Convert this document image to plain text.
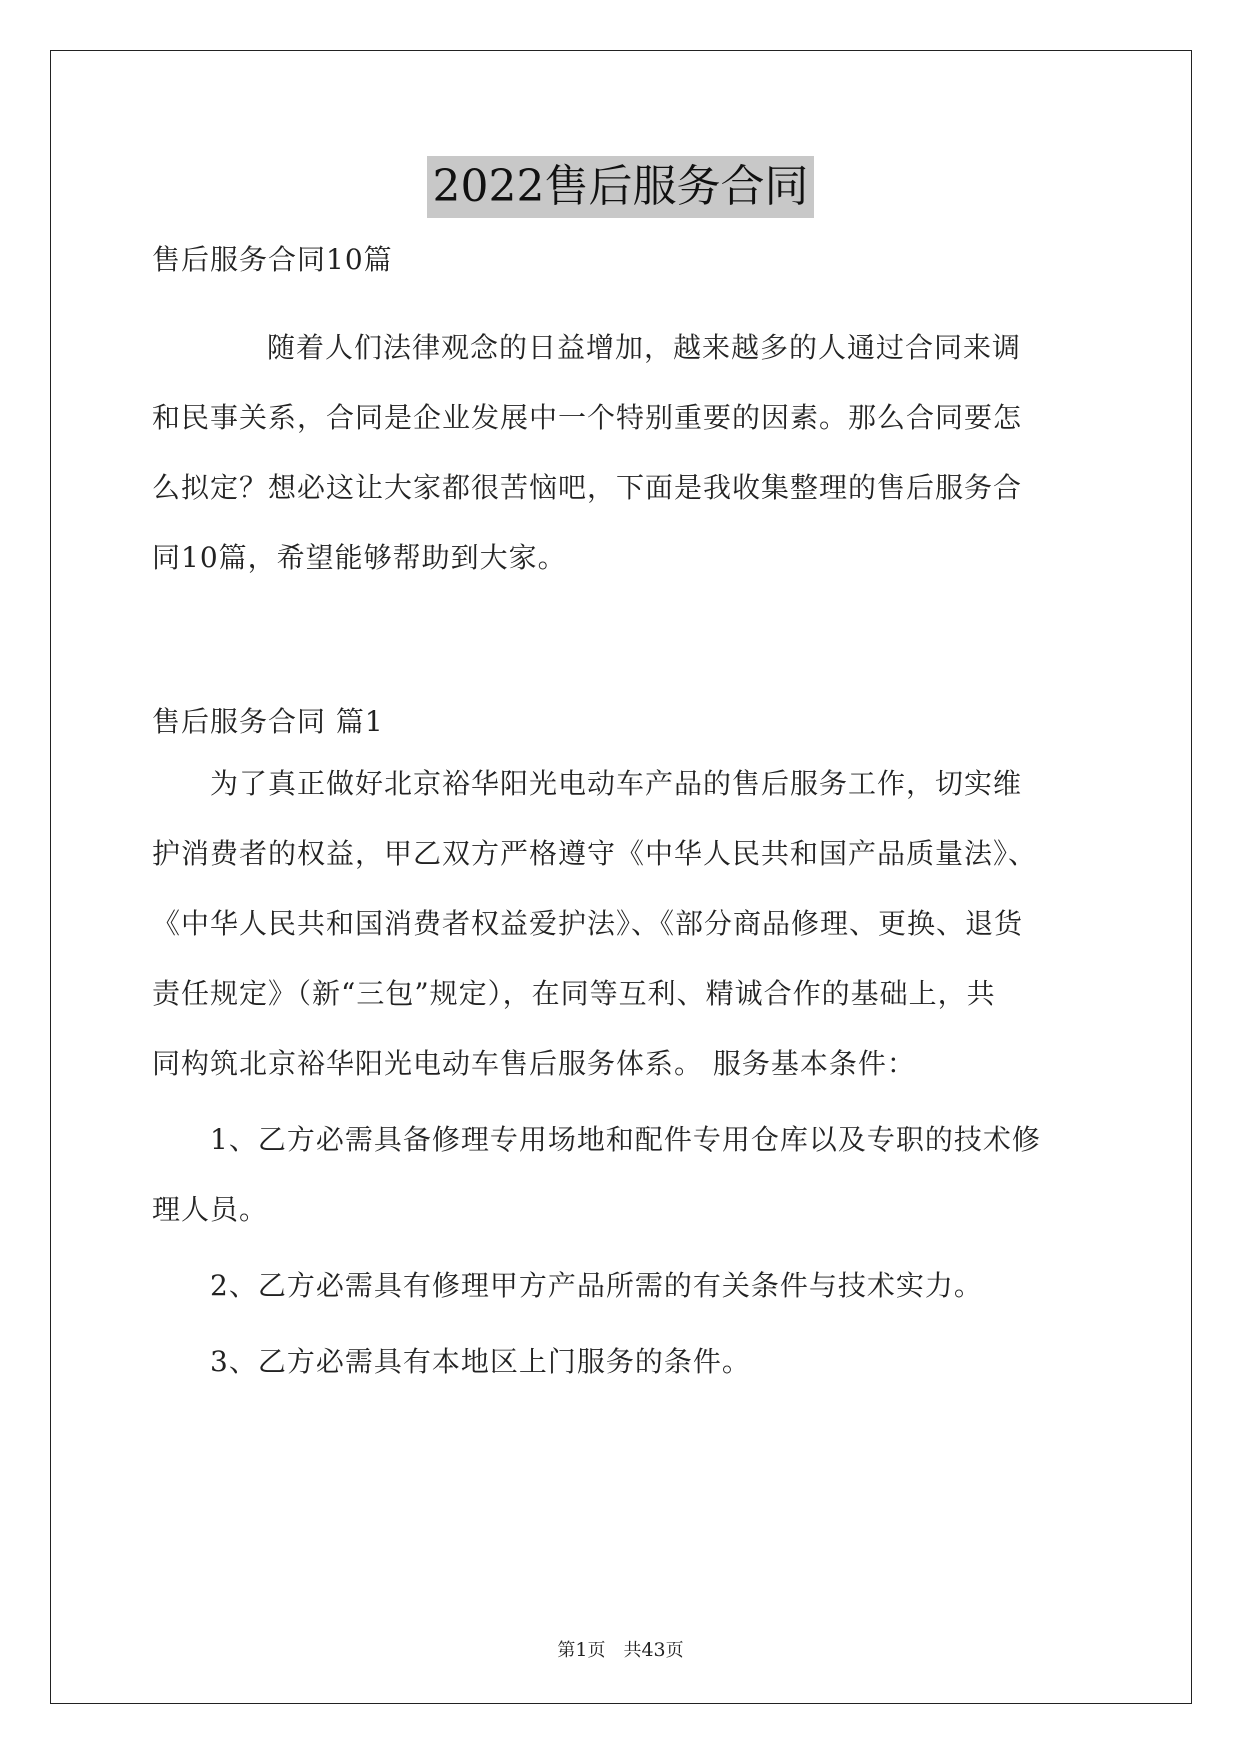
2022售后服务合同
售后服务合同10篇
随着人们法律观念的日益增加，越来越多的人通过合同来调
和民事关系，合同是企业发展中一个特别重要的因素。那么合同要怎
么拟定？想必这让大家都很苦恼吧，下面是我收集整理的售后服务合
同10篇，希望能够帮助到大家。
售后服务合同 篇1
为了真正做好北京裕华阳光电动车产品的售后服务工作，切实维
护消费者的权益，甲乙双方严格遵守《中华人民共和国产品质量法》、
《中华人民共和国消费者权益爱护法》、《部分商品修理、更换、退货
责任规定》（新“三包”规定），在同等互利、精诚合作的基础上，共
同构筑北京裕华阳光电动车售后服务体系。 服务基本条件：
1、乙方必需具备修理专用场地和配件专用仓库以及专职的技术修
理人员。
2、乙方必需具有修理甲方产品所需的有关条件与技术实力。
3、乙方必需具有本地区上门服务的条件。
第1页　共43页
